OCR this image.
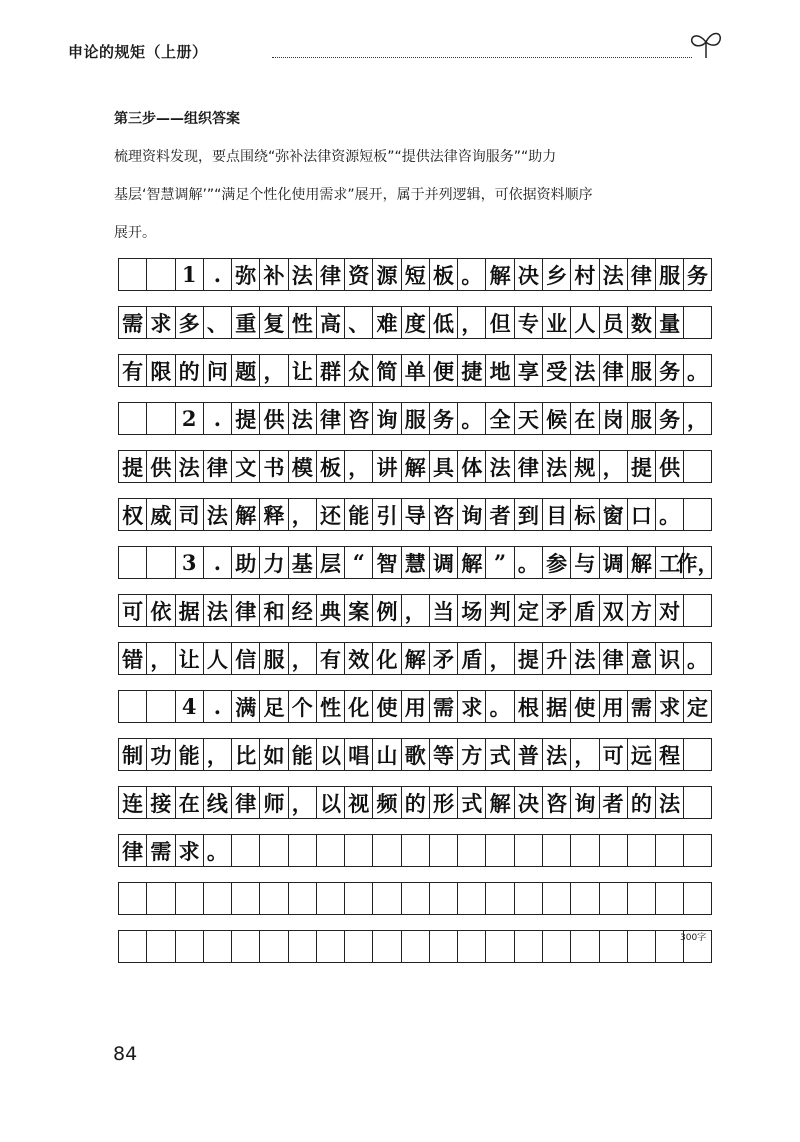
申论的规矩（上册）
第三步——组织答案
梳理资料发现，要点围绕“弥补法律资源短板”“提供法律咨询服务”“助力
基层‘智慧调解’”“满足个性化使用需求”展开，属于并列逻辑，可依据资料顺序
展开。
1 . 弥 补 法 律 资 源 短 板 。 解 决 乡 村 法 律 服 务
需 求 多 、 重 复 性 高 、 难 度 低 ， 但 专 业 人 员 数 量
有 限 的 问 题 ， 让 群 众 简 单 便 捷 地 享 受 法 律 服 务 。
2 . 提 供 法 律 咨 询 服 务 。 全 天 候 在 岗 服 务 ，
提 供 法 律 文 书 模 板 ， 讲 解 具 体 法 律 法 规 ， 提 供
权 威 司 法 解 释 ， 还 能 引 导 咨 询 者 到 目 标 窗 口 。
3 . 助 力 基 层 “ 智 慧 调 解 ” 。 参 与 调 解 工
作，
可 依 据 法 律 和 经 典 案 例 ， 当 场 判 定 矛 盾 双 方 对
错 ， 让 人 信 服 ， 有 效 化 解 矛 盾 ， 提 升 法 律 意 识 。
4 . 满 足 个 性 化 使 用 需 求 。 根 据 使 用 需 求 定
制 功 能 ， 比 如 能 以 唱 山 歌 等 方 式 普 法 ， 可 远 程
连 接 在 线 律 师 ， 以 视 频 的 形 式 解 决 咨 询 者 的 法
律 需 求 。
300字
84
